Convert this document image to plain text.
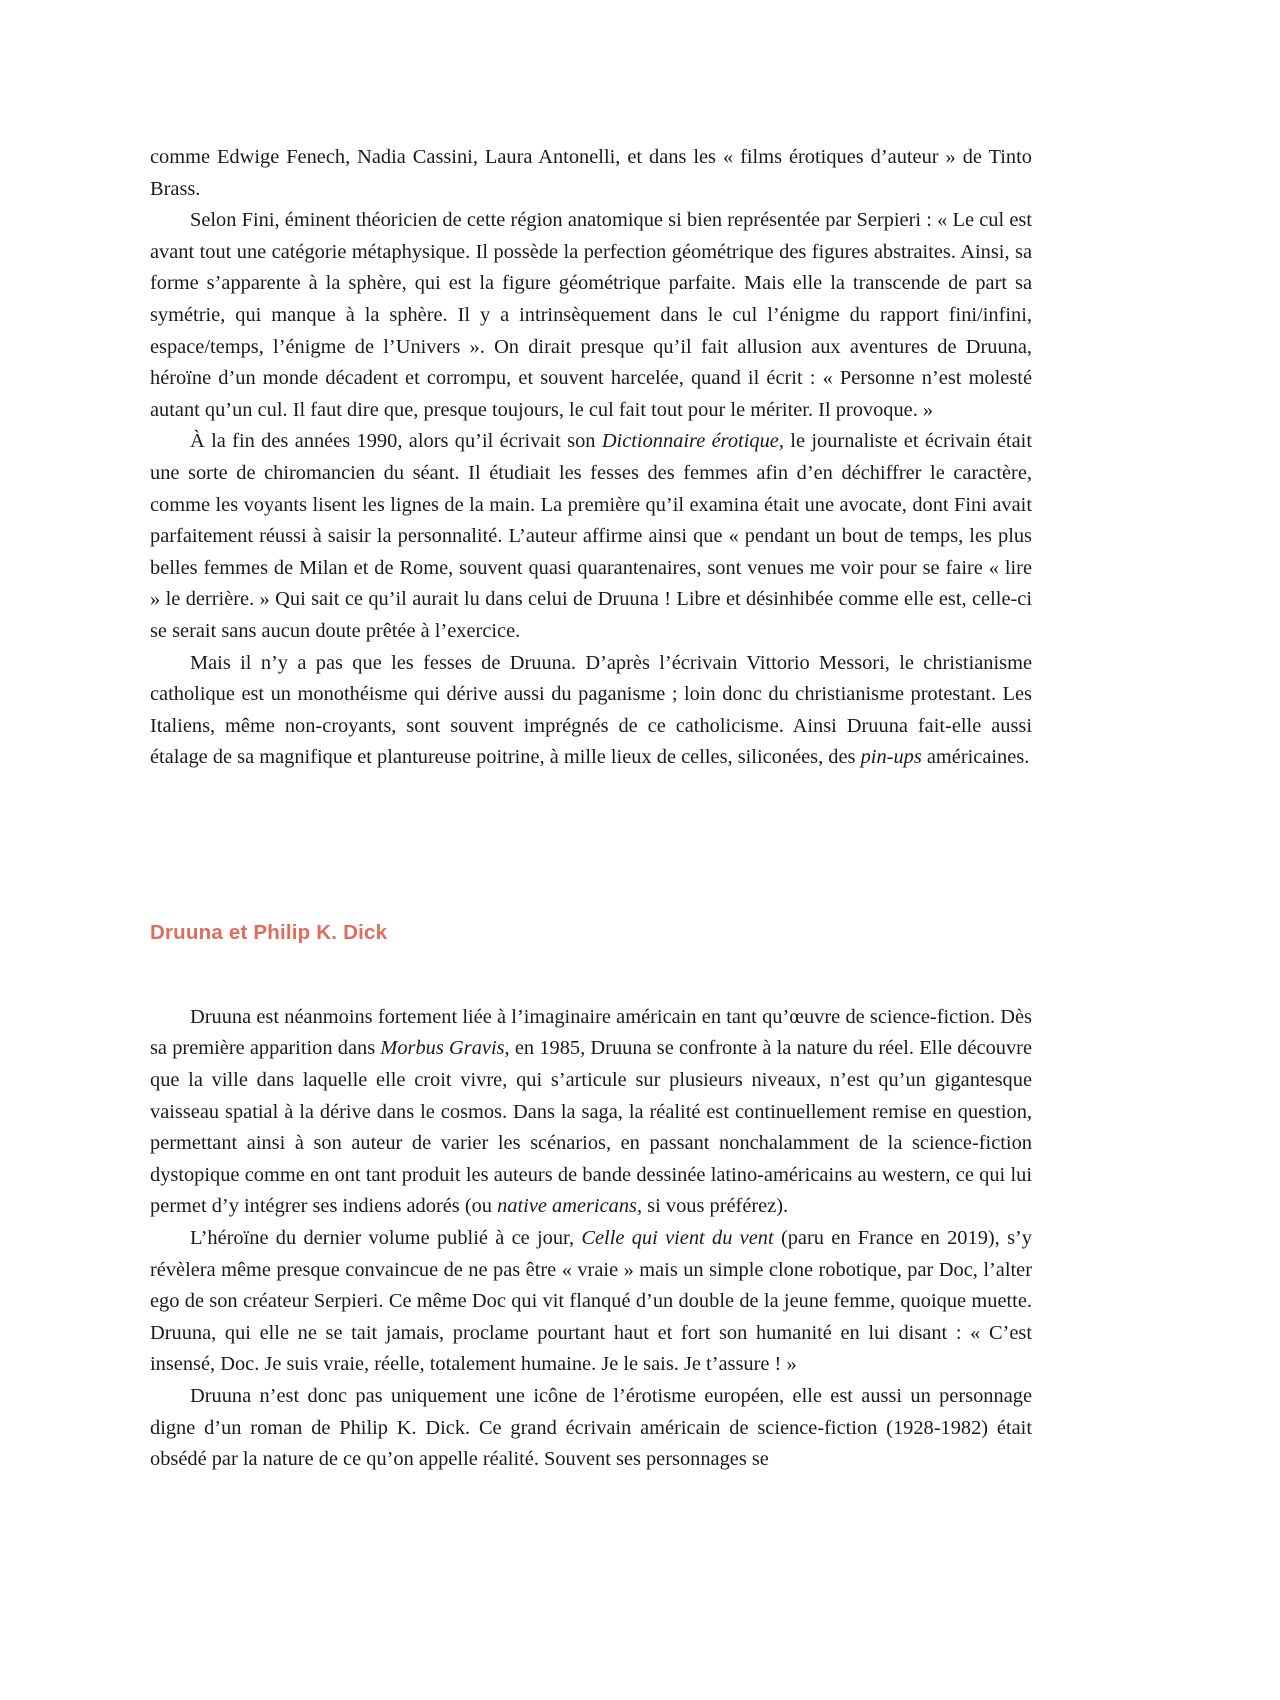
comme Edwige Fenech, Nadia Cassini, Laura Antonelli, et dans les « films érotiques d’auteur » de Tinto Brass.

Selon Fini, éminent théoricien de cette région anatomique si bien représentée par Serpieri : « Le cul est avant tout une catégorie métaphysique. Il possède la perfection géométrique des figures abstraites. Ainsi, sa forme s’apparente à la sphère, qui est la figure géométrique parfaite. Mais elle la transcende de part sa symétrie, qui manque à la sphère. Il y a intrinsèquement dans le cul l’énigme du rapport fini/infini, espace/temps, l’énigme de l’Univers ». On dirait presque qu’il fait allusion aux aventures de Druuna, héroïne d’un monde décadent et corrompu, et souvent harcelée, quand il écrit : « Personne n’est molesté autant qu’un cul. Il faut dire que, presque toujours, le cul fait tout pour le mériter. Il provoque. »

À la fin des années 1990, alors qu’il écrivait son Dictionnaire érotique, le journaliste et écrivain était une sorte de chiromancien du séant. Il étudiait les fesses des femmes afin d’en déchiffrer le caractère, comme les voyants lisent les lignes de la main. La première qu’il examina était une avocate, dont Fini avait parfaitement réussi à saisir la personnalité. L’auteur affirme ainsi que « pendant un bout de temps, les plus belles femmes de Milan et de Rome, souvent quasi quarantenaires, sont venues me voir pour se faire « lire » le derrière. » Qui sait ce qu’il aurait lu dans celui de Druuna ! Libre et désinhibée comme elle est, celle-ci se serait sans aucun doute prêtée à l’exercice.

Mais il n’y a pas que les fesses de Druuna. D’après l’écrivain Vittorio Messori, le christianisme catholique est un monothéisme qui dérive aussi du paganisme ; loin donc du christianisme protestant. Les Italiens, même non-croyants, sont souvent imprégnés de ce catholicisme. Ainsi Druuna fait-elle aussi étalage de sa magnifique et plantureuse poitrine, à mille lieux de celles, siliconées, des pin-ups américaines.

Druuna et Philip K. Dick

Druuna est néanmoins fortement liée à l’imaginaire américain en tant qu’œuvre de science-fiction. Dès sa première apparition dans Morbus Gravis, en 1985, Druuna se confronte à la nature du réel. Elle découvre que la ville dans laquelle elle croit vivre, qui s’articule sur plusieurs niveaux, n’est qu’un gigantesque vaisseau spatial à la dérive dans le cosmos. Dans la saga, la réalité est continuellement remise en question, permettant ainsi à son auteur de varier les scénarios, en passant nonchalamment de la science-fiction dystopique comme en ont tant produit les auteurs de bande dessinée latino-américains au western, ce qui lui permet d’y intégrer ses indiens adorés (ou native americans, si vous préférez).

L’héroïne du dernier volume publié à ce jour, Celle qui vient du vent (paru en France en 2019), s’y révèlera même presque convaincue de ne pas être « vraie » mais un simple clone robotique, par Doc, l’alter ego de son créateur Serpieri. Ce même Doc qui vit flanqué d’un double de la jeune femme, quoique muette. Druuna, qui elle ne se tait jamais, proclame pourtant haut et fort son humanité en lui disant : « C’est insensé, Doc. Je suis vraie, réelle, totalement humaine. Je le sais. Je t’assure ! »

Druuna n’est donc pas uniquement une icône de l’érotisme européen, elle est aussi un personnage digne d’un roman de Philip K. Dick. Ce grand écrivain américain de science-fiction (1928-1982) était obsédé par la nature de ce qu’on appelle réalité. Souvent ses personnages se
